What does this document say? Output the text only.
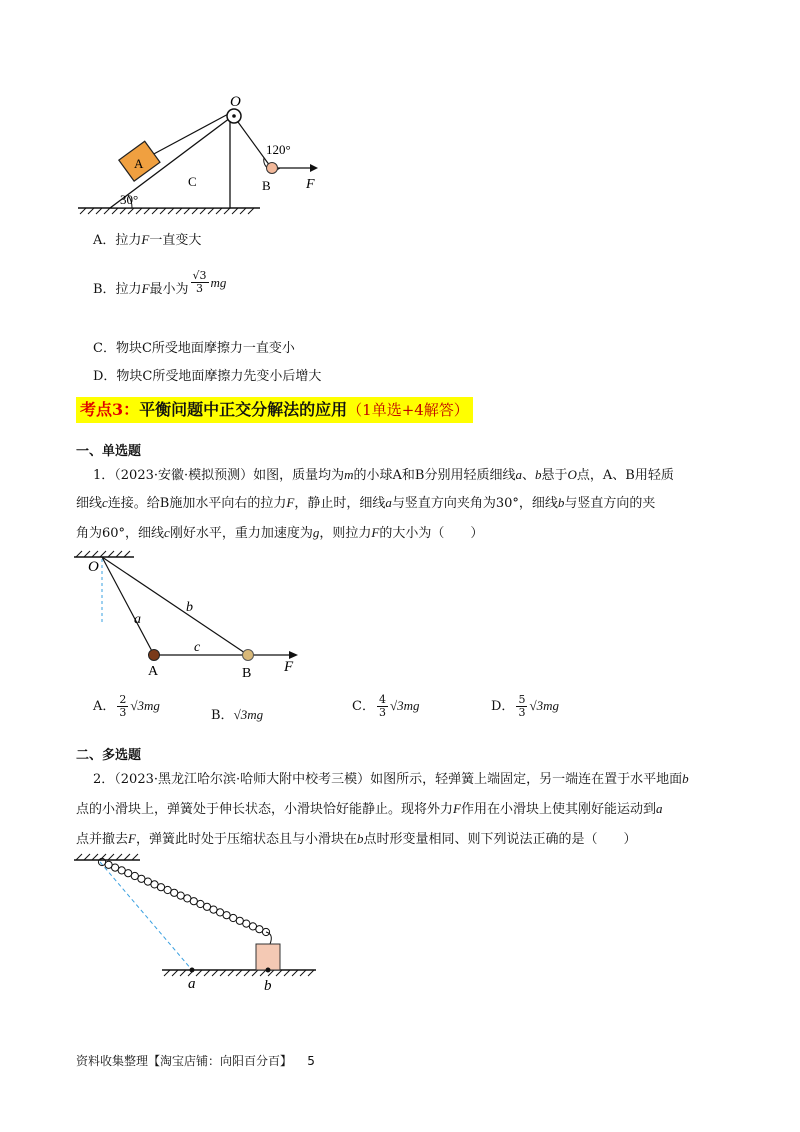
O
A
C	B	F
30°
120°
A．拉力F一直变大
B．拉力F最小为 $\frac{√3}{3}$ mg
C．物块C所受地面摩擦力一直变小
D．物块C所受地面摩擦力先变小后增大
考点3：平衡问题中正交分解法的应用（1单选+4解答）
一、单选题
1．（2023·安徽·模拟预测）如图，质量均为m的小球A和B分别用轻质细线a、b悬于O点，A、B用轻质
细线c连接。给B施加水平向右的拉力F，静止时，细线a与竖直方向夹角为30°，细线b与竖直方向的夹
角为60°，细线c刚好水平，重力加速度为g，则拉力F的大小为（　　）
O
a
b
c
A	B F
A． $\frac{2}{3} √3mg$
B．√3mg
C． $\frac{4}{3} √3mg$	D． $\frac{5}{3} √3mg$
二、多选题
2．（2023·黑龙江哈尔滨·哈师大附中校考三模）如图所示，轻弹簧上端固定，另一端连在置于水平地面b
点的小滑块上，弹簧处于伸长状态，小滑块恰好能静止。现将外力F作用在小滑块上使其刚好能运动到a
点并撤去F，弹簧此时处于压缩状态且与小滑块在b点时形变量相同、则下列说法正确的是（　　）
a	b
资料收集整理【淘宝店铺：向阳百分百】 5
